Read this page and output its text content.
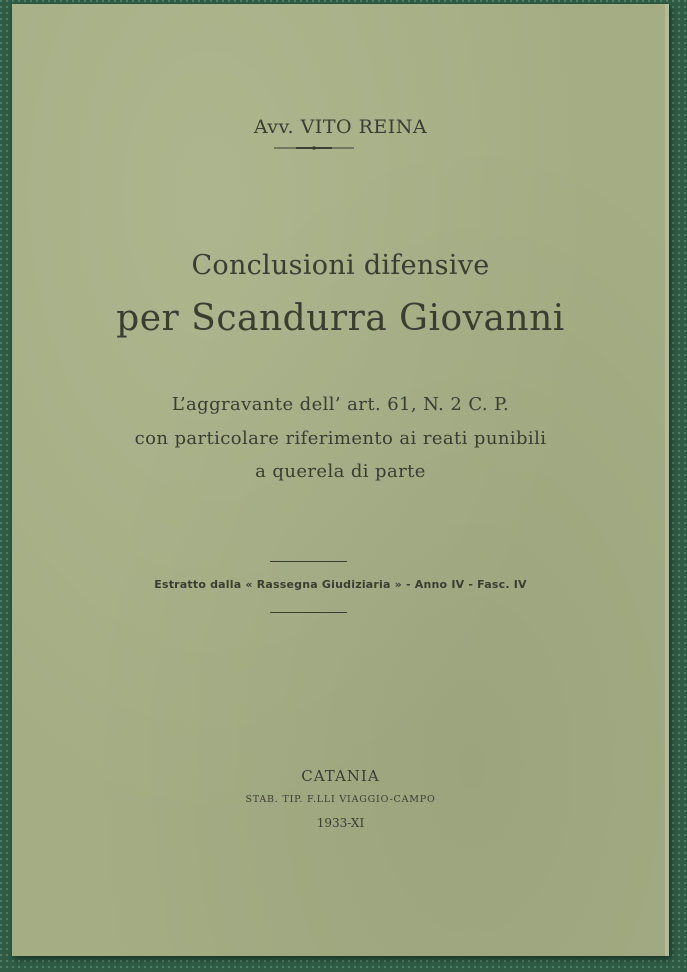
Avv. VITO REINA
Conclusioni difensive
per Scandurra Giovanni
L’aggravante dell’ art. 61, N. 2 C. P.
con particolare riferimento ai reati punibili
a querela di parte
Estratto dalla « Rassegna Giudiziaria » - Anno IV - Fasc. IV
CATANIA
STAB. TIP. F.LLI VIAGGIO-CAMPO
1933-XI
